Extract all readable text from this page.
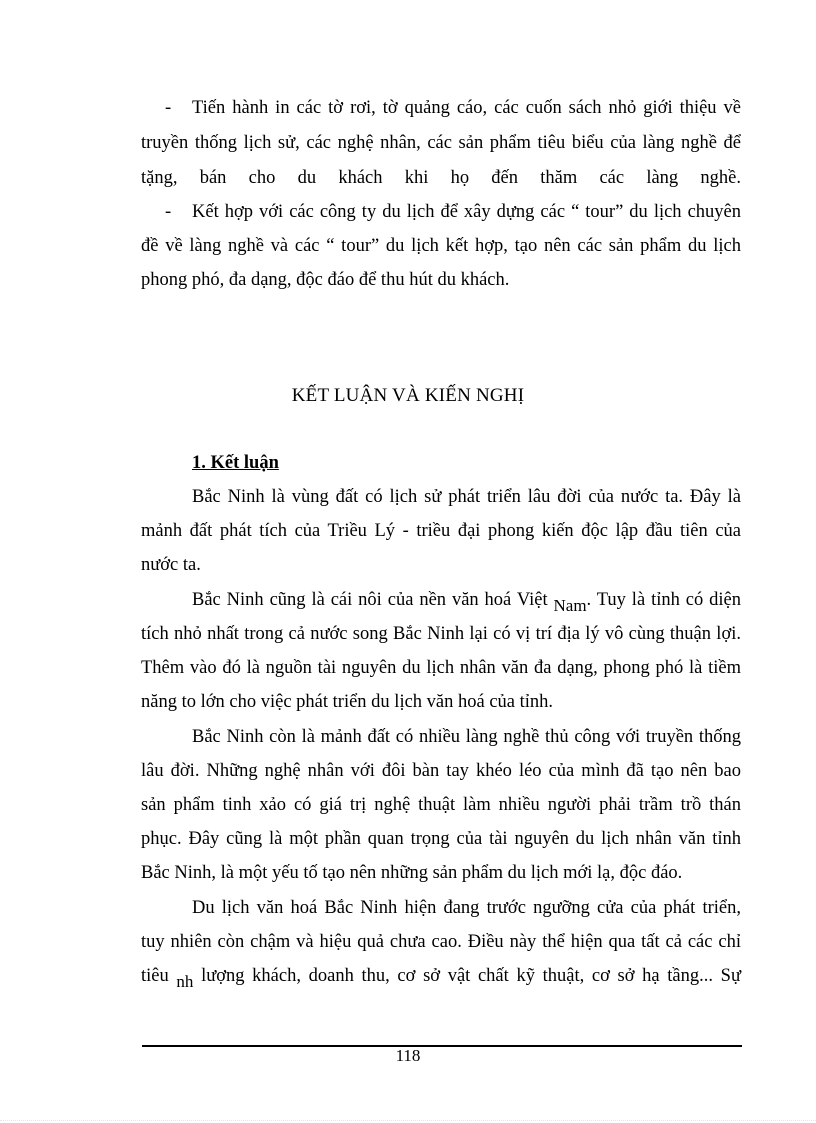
- Tiến hành in các tờ rơi, tờ quảng cáo, các cuốn sách nhỏ giới thiệu về
truyền thống lịch sử, các nghệ nhân, các sản phẩm tiêu biểu của làng nghề để
tặng, bán cho du khách khi họ đến thăm các làng nghề.
- Kết hợp với các công ty du lịch để xây dựng các “ tour” du lịch chuyên
đề về làng nghề và các “ tour” du lịch kết hợp, tạo nên các sản phẩm du lịch
phong phó, đa dạng, độc đáo để thu hút du khách.
KẾT LUẬN VÀ KIẾN NGHỊ
1. Kết luận
Bắc Ninh là vùng đất có lịch sử phát triển lâu đời của nước ta. Đây là
mảnh đất phát tích của Triều Lý - triều đại phong kiến độc lập đầu tiên của
nước ta.
Bắc Ninh cũng là cái nôi của nền văn hoá Việt Nam. Tuy là tỉnh có diện
tích nhỏ nhất trong cả nước song Bắc Ninh lại có vị trí địa lý vô cùng thuận lợi.
Thêm vào đó là nguồn tài nguyên du lịch nhân văn đa dạng, phong phó là tiềm
năng to lớn cho việc phát triển du lịch văn hoá của tỉnh.
Bắc Ninh còn là mảnh đất có nhiều làng nghề thủ công với truyền thống
lâu đời. Những nghệ nhân với đôi bàn tay khéo léo của mình đã tạo nên bao
sản phẩm tinh xảo có giá trị nghệ thuật làm nhiều người phải trầm trồ thán
phục. Đây cũng là một phần quan trọng của tài nguyên du lịch nhân văn tỉnh
Bắc Ninh, là một yếu tố tạo nên những sản phẩm du lịch mới lạ, độc đáo.
Du lịch văn hoá Bắc Ninh hiện đang trước ngưỡng cửa của phát triển,
tuy nhiên còn chậm và hiệu quả chưa cao. Điều này thể hiện qua tất cả các chỉ
tiêu nh lượng khách, doanh thu, cơ sở vật chất kỹ thuật, cơ sở hạ tầng... Sự
118
